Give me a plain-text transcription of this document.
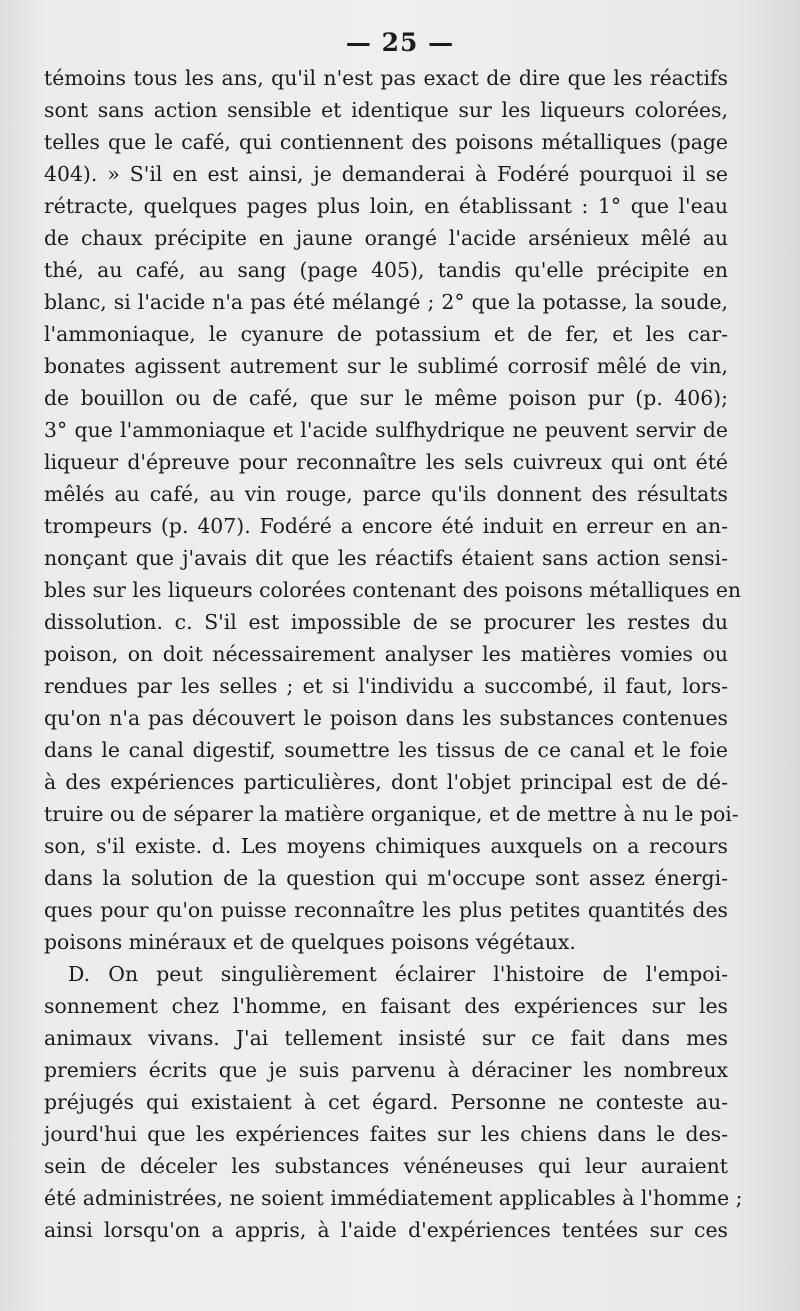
— 25 —
témoins tous les ans, qu'il n'est pas exact de dire que les réactifs
sont sans action sensible et identique sur les liqueurs colorées,
telles que le café, qui contiennent des poisons métalliques (page
404). » S'il en est ainsi, je demanderai à Fodéré pourquoi il se
rétracte, quelques pages plus loin, en établissant : 1° que l'eau
de chaux précipite en jaune orangé l'acide arsénieux mêlé au
thé, au café, au sang (page 405), tandis qu'elle précipite en
blanc, si l'acide n'a pas été mélangé ; 2° que la potasse, la soude,
l'ammoniaque, le cyanure de potassium et de fer, et les car-
bonates agissent autrement sur le sublimé corrosif mêlé de vin,
de bouillon ou de café, que sur le même poison pur (p. 406);
3° que l'ammoniaque et l'acide sulfhydrique ne peuvent servir de
liqueur d'épreuve pour reconnaître les sels cuivreux qui ont été
mêlés au café, au vin rouge, parce qu'ils donnent des résultats
trompeurs (p. 407). Fodéré a encore été induit en erreur en an-
nonçant que j'avais dit que les réactifs étaient sans action sensi-
bles sur les liqueurs colorées contenant des poisons métalliques en
dissolution. c. S'il est impossible de se procurer les restes du
poison, on doit nécessairement analyser les matières vomies ou
rendues par les selles ; et si l'individu a succombé, il faut, lors-
qu'on n'a pas découvert le poison dans les substances contenues
dans le canal digestif, soumettre les tissus de ce canal et le foie
à des expériences particulières, dont l'objet principal est de dé-
truire ou de séparer la matière organique, et de mettre à nu le poi-
son, s'il existe. d. Les moyens chimiques auxquels on a recours
dans la solution de la question qui m'occupe sont assez énergi-
ques pour qu'on puisse reconnaître les plus petites quantités des
poisons minéraux et de quelques poisons végétaux.
D. On peut singulièrement éclairer l'histoire de l'empoi-
sonnement chez l'homme, en faisant des expériences sur les
animaux vivans. J'ai tellement insisté sur ce fait dans mes
premiers écrits que je suis parvenu à déraciner les nombreux
préjugés qui existaient à cet égard. Personne ne conteste au-
jourd'hui que les expériences faites sur les chiens dans le des-
sein de déceler les substances vénéneuses qui leur auraient
été administrées, ne soient immédiatement applicables à l'homme ;
ainsi lorsqu'on a appris, à l'aide d'expériences tentées sur ces
